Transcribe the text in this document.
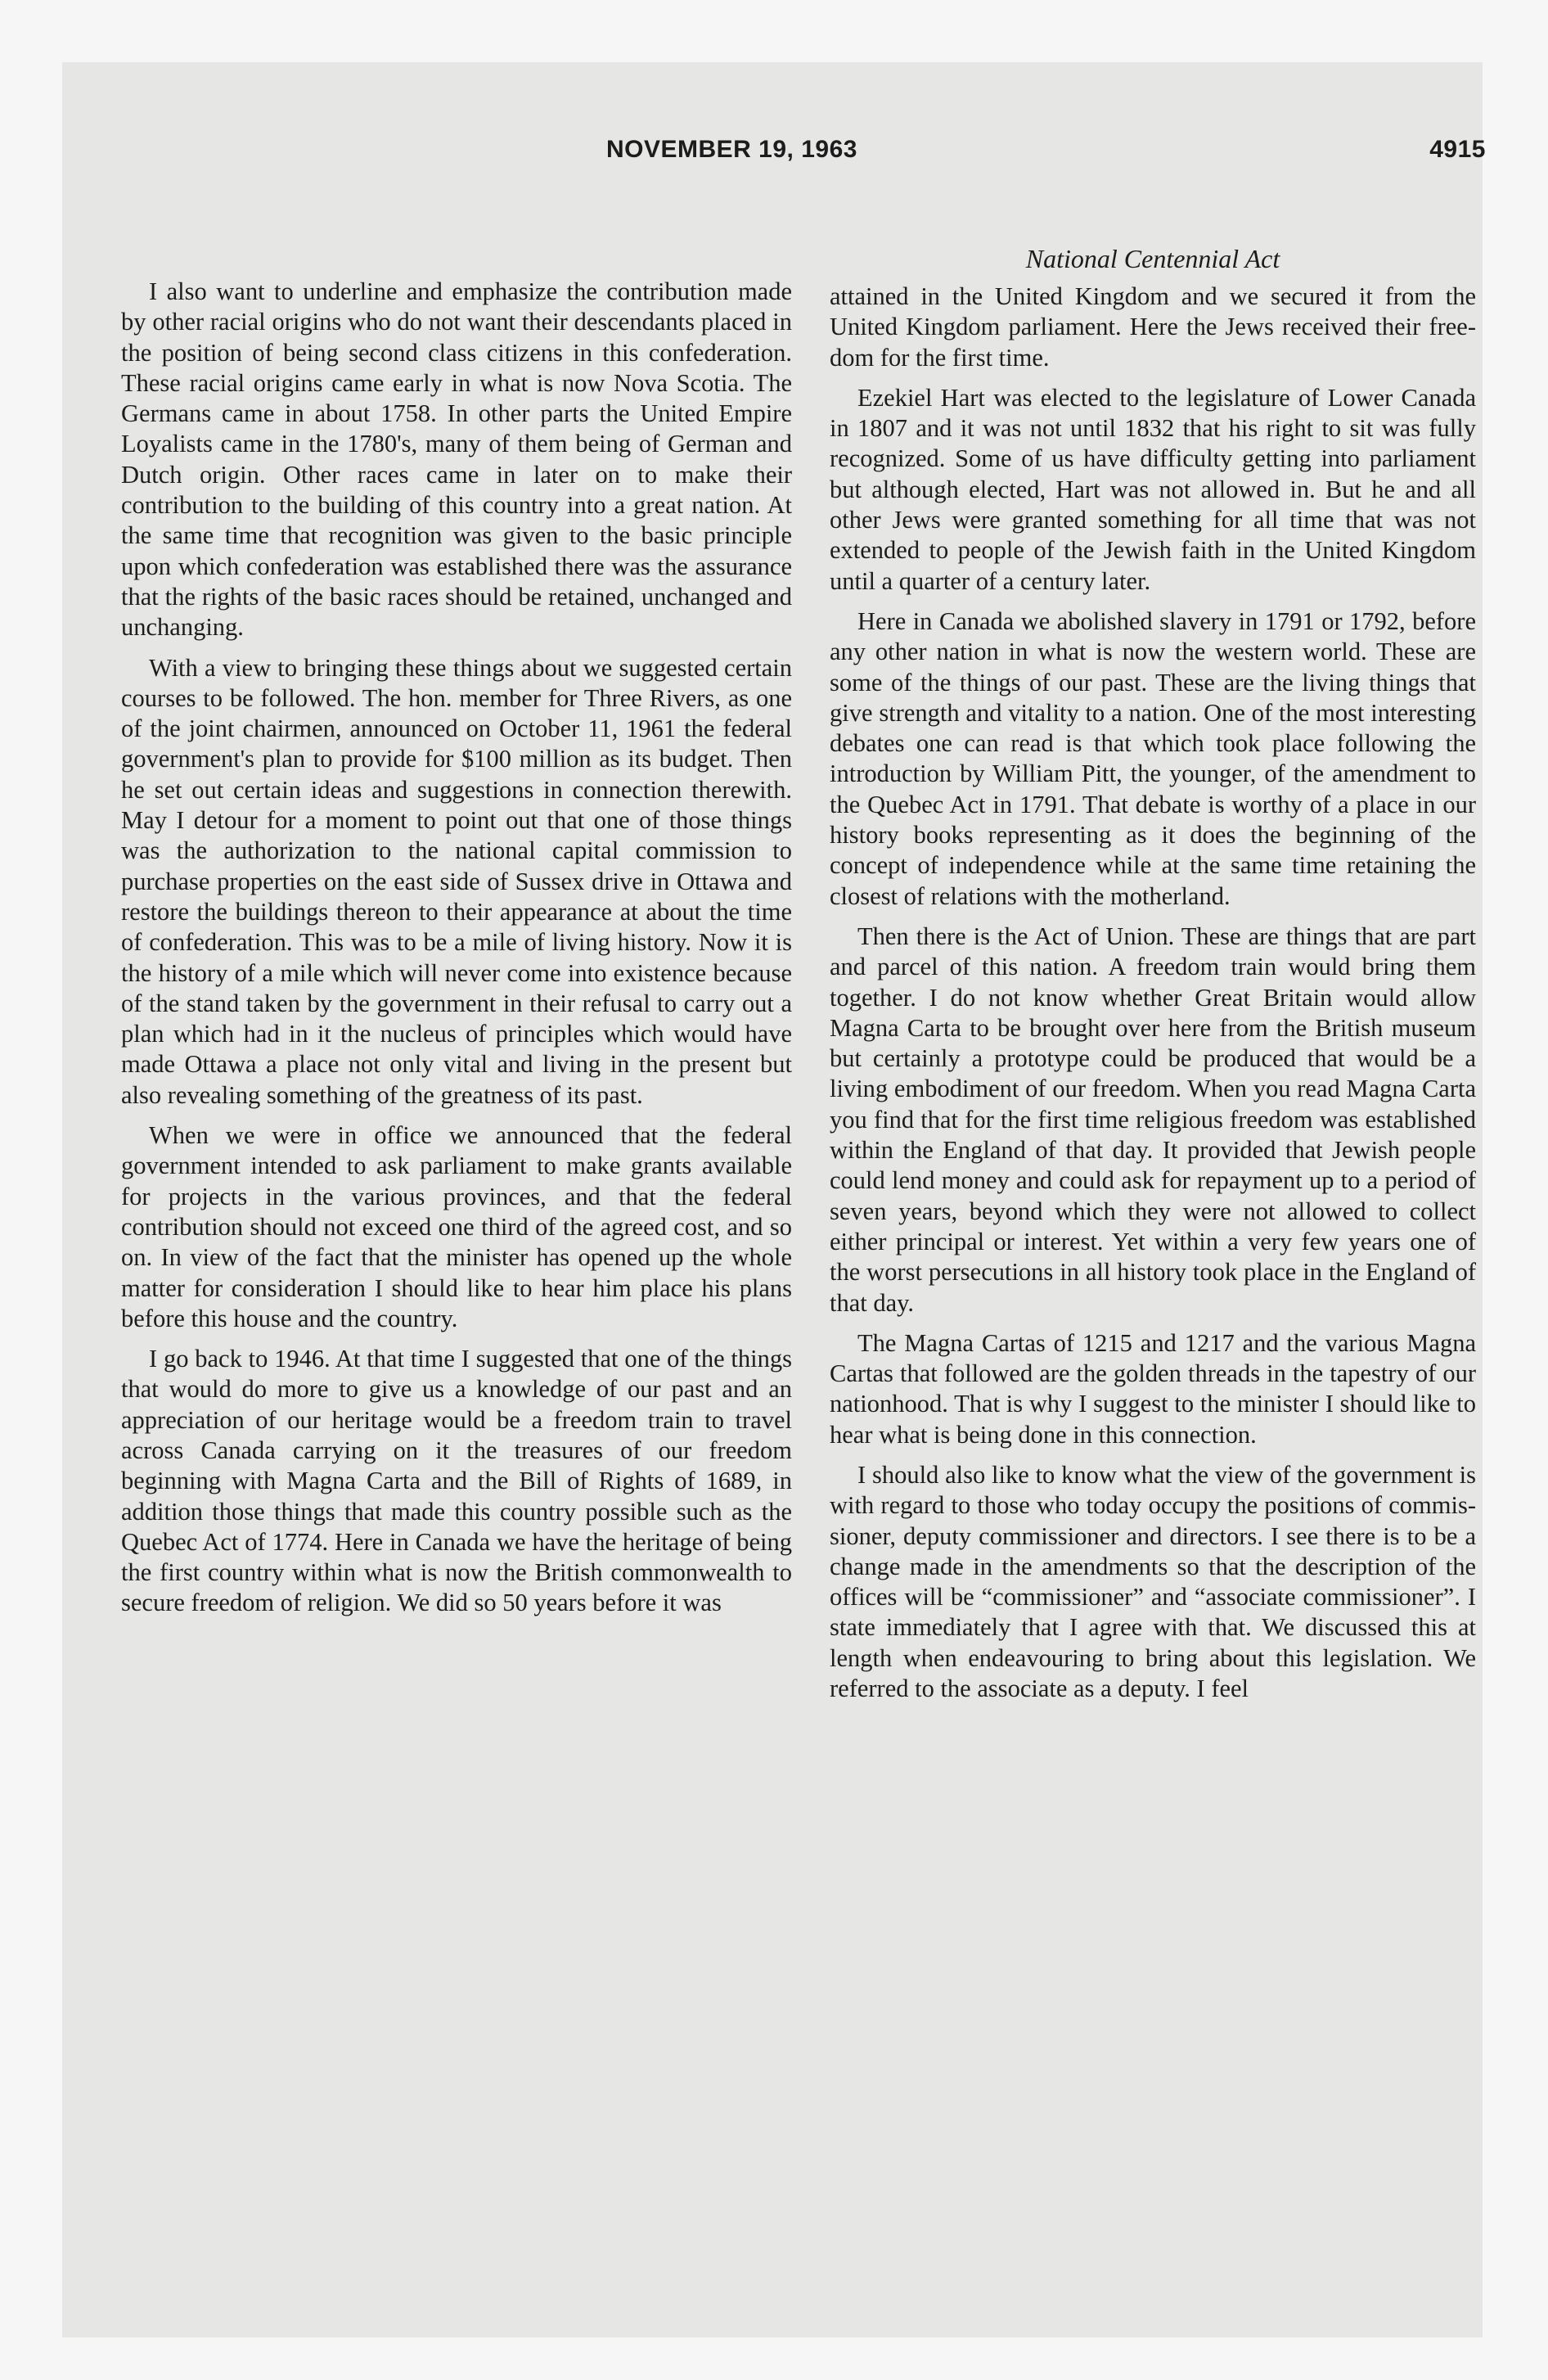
NOVEMBER 19, 1963	4915
National Centennial Act

I also want to underline and emphasize the contribution made by other racial origins who do not want their descendants placed in the position of being second class citizens in this confederation. These racial origins came early in what is now Nova Scotia. The Germans came in about 1758. In other parts the United Empire Loyalists came in the 1780's, many of them being of German and Dutch origin. Other races came in later on to make their contribution to the building of this country into a great nation. At the same time that recognition was given to the basic principle upon which confederation was established there was the assurance that the rights of the basic races should be retained, unchanged and unchanging.

With a view to bringing these things about we suggested certain courses to be followed. The hon. member for Three Rivers, as one of the joint chairmen, announced on October 11, 1961 the federal government's plan to provide for $100 million as its budget. Then he set out certain ideas and suggestions in connection therewith. May I detour for a moment to point out that one of those things was the authorization to the national capital commission to purchase properties on the east side of Sussex drive in Ottawa and restore the buildings thereon to their appearance at about the time of confederation. This was to be a mile of living history. Now it is the history of a mile which will never come into existence because of the stand taken by the government in their refusal to carry out a plan which had in it the nucleus of principles which would have made Ottawa a place not only vital and living in the present but also revealing something of the greatness of its past.

When we were in office we announced that the federal government intended to ask parliament to make grants available for projects in the various provinces, and that the federal contribution should not exceed one third of the agreed cost, and so on. In view of the fact that the minister has opened up the whole matter for consideration I should like to hear him place his plans before this house and the country.

I go back to 1946. At that time I suggested that one of the things that would do more to give us a knowledge of our past and an appreciation of our heritage would be a freedom train to travel across Canada carrying on it the treasures of our freedom beginning with Magna Carta and the Bill of Rights of 1689, in addition those things that made this country possible such as the Quebec Act of 1774. Here in Canada we have the heritage of being the first country within what is now the British commonwealth to secure freedom of religion. We did so 50 years before it was

attained in the United Kingdom and we secured it from the United Kingdom parliament. Here the Jews received their freedom for the first time.

Ezekiel Hart was elected to the legislature of Lower Canada in 1807 and it was not until 1832 that his right to sit was fully recognized. Some of us have difficulty getting into parliament but although elected, Hart was not allowed in. But he and all other Jews were granted something for all time that was not extended to people of the Jewish faith in the United Kingdom until a quarter of a century later.

Here in Canada we abolished slavery in 1791 or 1792, before any other nation in what is now the western world. These are some of the things of our past. These are the living things that give strength and vitality to a nation. One of the most interesting debates one can read is that which took place following the introduction by William Pitt, the younger, of the amendment to the Quebec Act in 1791. That debate is worthy of a place in our history books representing as it does the beginning of the concept of independence while at the same time retaining the closest of relations with the motherland.

Then there is the Act of Union. These are things that are part and parcel of this nation. A freedom train would bring them together. I do not know whether Great Britain would allow Magna Carta to be brought over here from the British museum but certainly a prototype could be produced that would be a living embodiment of our freedom. When you read Magna Carta you find that for the first time religious freedom was established within the England of that day. It provided that Jewish people could lend money and could ask for repayment up to a period of seven years, beyond which they were not allowed to collect either principal or interest. Yet within a very few years one of the worst persecutions in all history took place in the England of that day.

The Magna Cartas of 1215 and 1217 and the various Magna Cartas that followed are the golden threads in the tapestry of our nationhood. That is why I suggest to the minister I should like to hear what is being done in this connection.

I should also like to know what the view of the government is with regard to those who today occupy the positions of commissioner, deputy commissioner and directors. I see there is to be a change made in the amendments so that the description of the offices will be “commissioner” and “associate commissioner”. I state immediately that I agree with that. We discussed this at length when endeavouring to bring about this legislation. We referred to the associate as a deputy. I feel
